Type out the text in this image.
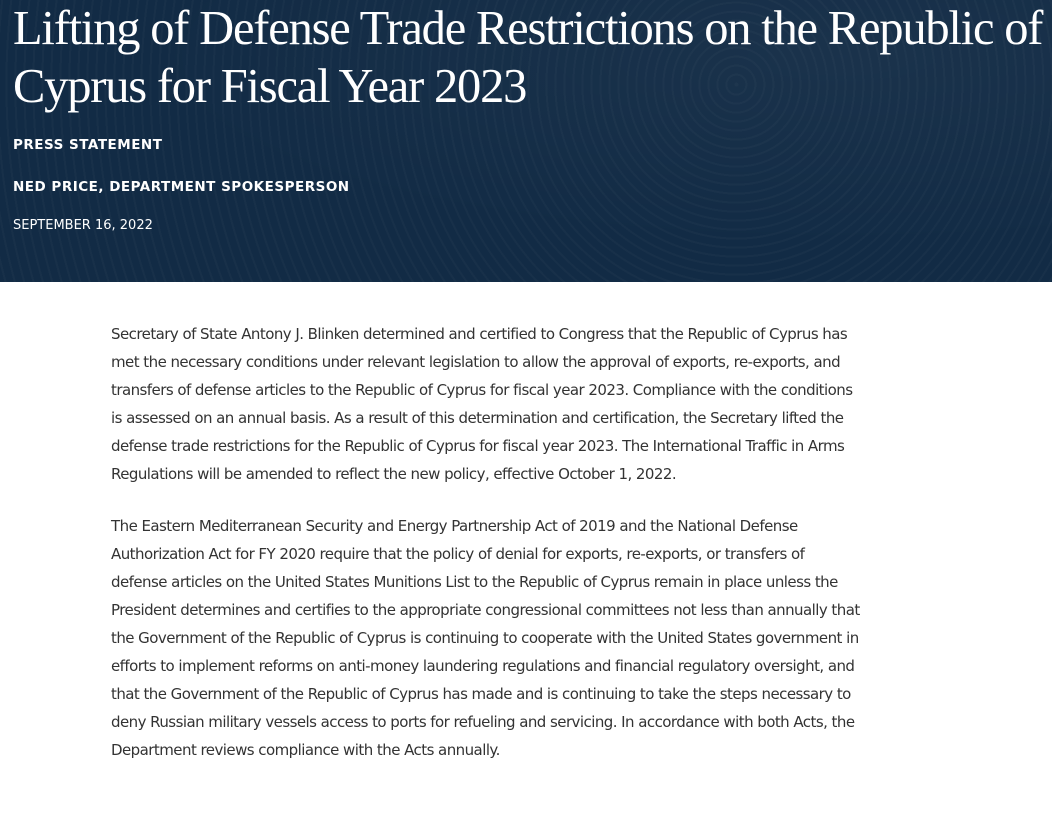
Lifting of Defense Trade Restrictions on the Republic of Cyprus for Fiscal Year 2023
PRESS STATEMENT
NED PRICE, DEPARTMENT SPOKESPERSON
SEPTEMBER 16, 2022

Secretary of State Antony J. Blinken determined and certified to Congress that the Republic of Cyprus has met the necessary conditions under relevant legislation to allow the approval of exports, re-exports, and transfers of defense articles to the Republic of Cyprus for fiscal year 2023. Compliance with the conditions is assessed on an annual basis. As a result of this determination and certification, the Secretary lifted the defense trade restrictions for the Republic of Cyprus for fiscal year 2023. The International Traffic in Arms Regulations will be amended to reflect the new policy, effective October 1, 2022.

The Eastern Mediterranean Security and Energy Partnership Act of 2019 and the National Defense Authorization Act for FY 2020 require that the policy of denial for exports, re-exports, or transfers of defense articles on the United States Munitions List to the Republic of Cyprus remain in place unless the President determines and certifies to the appropriate congressional committees not less than annually that the Government of the Republic of Cyprus is continuing to cooperate with the United States government in efforts to implement reforms on anti-money laundering regulations and financial regulatory oversight, and that the Government of the Republic of Cyprus has made and is continuing to take the steps necessary to deny Russian military vessels access to ports for refueling and servicing. In accordance with both Acts, the Department reviews compliance with the Acts annually.
